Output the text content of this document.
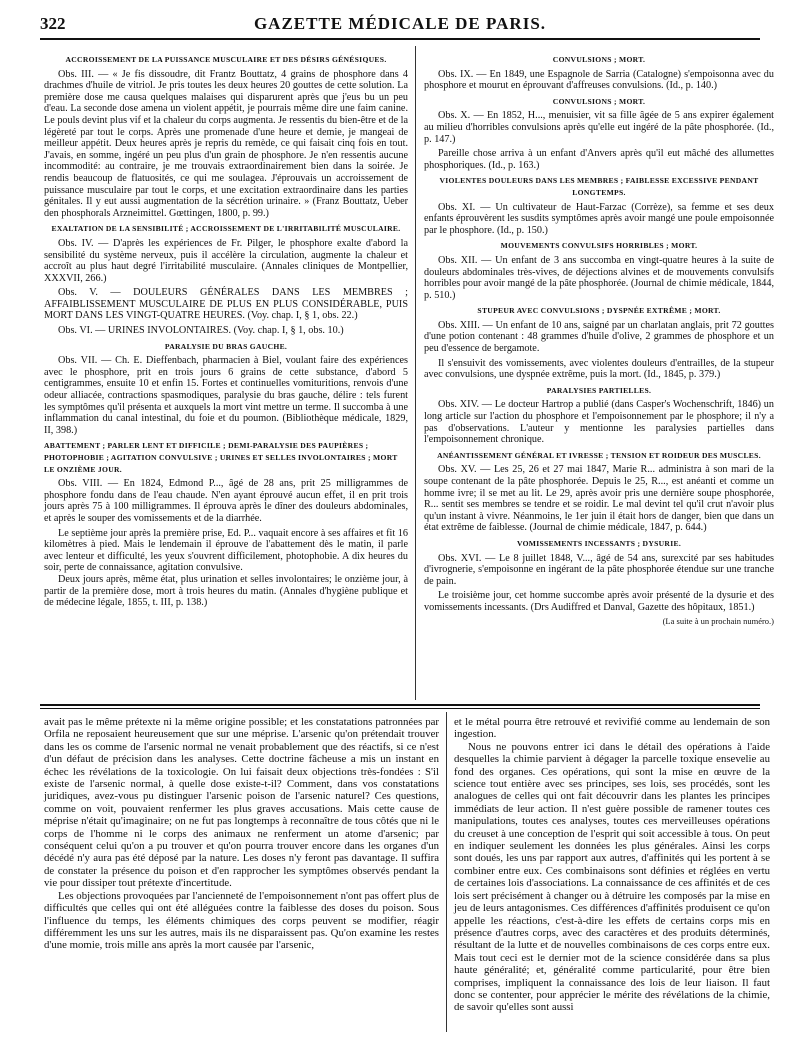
322	GAZETTE MÉDICALE DE PARIS.
ACCROISSEMENT DE LA PUISSANCE MUSCULAIRE ET DES DÉSIRS GÉNÉSIQUES.

Obs. III. — « Je fis dissoudre, dit Frantz Bouttatz, 4 grains de phosphore dans 4 drachmes d'huile de vitriol. Je pris toutes les deux heures 20 gouttes de cette solution. La première dose me causa quelques malaises qui disparurent après que j'eus bu un peu d'eau. La seconde dose amena un violent appétit, je pourrais même dire une faim canine. Le pouls devint plus vif et la chaleur du corps augmenta. Je ressentis du bien-être et de la légèreté par tout le corps. Après une promenade d'une heure et demie, je mangeai de meilleur appétit. Deux heures après je repris du remède, ce qui faisait cinq fois en tout. J'avais, en somme, ingéré un peu plus d'un grain de phosphore. Je n'en ressentis aucune incommodité: au contraire, je me trouvais extraordinairement bien dans la soirée. Je rendis beaucoup de flatuosités, ce qui me soulagea. J'éprouvais un accroissement de puissance musculaire par tout le corps, et une excitation extraordinaire dans les parties génitales. Il y eut aussi augmentation de la sécrétion urinaire. » (Franz Bouttatz, Ueber den phosphorals Arzneimittel. Gœttingen, 1800, p. 99.)

EXALTATION DE LA SENSIBILITÉ ; ACCROISSEMENT DE L'IRRITABILITÉ MUSCULAIRE.

Obs. IV. — D'après les expériences de Fr. Pilger, le phosphore exalte d'abord la sensibilité du système nerveux, puis il accélère la circulation, augmente la chaleur et accroît au plus haut degré l'irritabilité musculaire. (Annales cliniques de Montpellier, XXXVII, 266.)

Obs. V. — DOULEURS GÉNÉRALES DANS LES MEMBRES ; AFFAIBLISSEMENT MUSCULAIRE DE PLUS EN PLUS CONSIDÉRABLE, PUIS MORT DANS LES VINGT-QUATRE HEURES. (Voy. chap. I, § 1, obs. 22.)

Obs. VI. — URINES INVOLONTAIRES. (Voy. chap. I, § 1, obs. 10.)

PARALYSIE DU BRAS GAUCHE.

Obs. VII. — Ch. E. Dieffenbach, pharmacien à Biel, voulant faire des expériences avec le phosphore, prit en trois jours 6 grains de cette substance, d'abord 5 centigrammes, ensuite 10 et enfin 15. Fortes et continuelles vomituritions, renvois d'une odeur alliacée, contractions spasmodiques, paralysie du bras gauche, délire : tels furent les symptômes qu'il présenta et auxquels la mort vint mettre un terme. Il succomba à une inflammation du canal intestinal, du foie et du poumon. (Bibliothèque médicale, 1829, II, 398.)

ABATTEMENT ; PARLER LENT ET DIFFICILE ; DEMI-PARALYSIE DES PAUPIÈRES ; PHOTOPHOBIE ; AGITATION CONVULSIVE ; URINES ET SELLES INVOLONTAIRES ; MORT LE ONZIÈME JOUR.

Obs. VIII. — En 1824, Edmond P..., âgé de 28 ans, prit 25 milligrammes de phosphore fondu dans de l'eau chaude. N'en ayant éprouvé aucun effet, il en prit trois jours après 75 à 100 milligrammes. Il éprouva après le dîner des douleurs abdominales, et après le souper des vomissements et de la diarrhée.

Le septième jour après la première prise, Ed. P... vaquait encore à ses affaires et fit 16 kilomètres à pied. Mais le lendemain il éprouve de l'abattement dès le matin, il parle avec lenteur et difficulté, les yeux s'ouvrent difficilement, photophobie. A dix heures du soir, perte de connaissance, agitation convulsive.

Deux jours après, même état, plus urination et selles involontaires; le onzième jour, à partir de la première dose, mort à trois heures du matin. (Annales d'hygiène publique et de médecine légale, 1855, t. III, p. 138.)

CONVULSIONS ; MORT.

Obs. IX. — En 1849, une Espagnole de Sarria (Catalogne) s'empoisonna avec du phosphore et mourut en éprouvant d'affreuses convulsions. (Id., p. 140.)

CONVULSIONS ; MORT.

Obs. X. — En 1852, H..., menuisier, vit sa fille âgée de 5 ans expirer également au milieu d'horribles convulsions après qu'elle eut ingéré de la pâte phosphorée. (Id., p. 147.)

Pareille chose arriva à un enfant d'Anvers après qu'il eut mâché des allumettes phosphoriques. (Id., p. 163.)

VIOLENTES DOULEURS DANS LES MEMBRES ; FAIBLESSE EXCESSIVE PENDANT LONGTEMPS.

Obs. XI. — Un cultivateur de Haut-Farzac (Corrèze), sa femme et ses deux enfants éprouvèrent les susdits symptômes après avoir mangé une poule empoisonnée par le phosphore. (Id., p. 150.)

MOUVEMENTS CONVULSIFS HORRIBLES ; MORT.

Obs. XII. — Un enfant de 3 ans succomba en vingt-quatre heures à la suite de douleurs abdominales très-vives, de déjections alvines et de mouvements convulsifs horribles pour avoir mangé de la pâte phosphorée. (Journal de chimie médicale, 1844, p. 510.)

STUPEUR AVEC CONVULSIONS ; DYSPNÉE EXTRÊME ; MORT.

Obs. XIII. — Un enfant de 10 ans, saigné par un charlatan anglais, prit 72 gouttes d'une potion contenant : 48 grammes d'huile d'olive, 2 grammes de phosphore et un peu d'essence de bergamote.

Il s'ensuivit des vomissements, avec violentes douleurs d'entrailles, de la stupeur avec convulsions, une dyspnée extrême, puis la mort. (Id., 1845, p. 379.)

PARALYSIES PARTIELLES.

Obs. XIV. — Le docteur Hartrop a publié (dans Casper's Wochenschrift, 1846) un long article sur l'action du phosphore et l'empoisonnement par le phosphore; il n'y a pas d'observations. L'auteur y mentionne les paralysies partielles dans l'empoisonnement chronique.

ANÉANTISSEMENT GÉNÉRAL ET IVRESSE ; TENSION ET ROIDEUR DES MUSCLES.

Obs. XV. — Les 25, 26 et 27 mai 1847, Marie R... administra à son mari de la soupe contenant de la pâte phosphorée. Depuis le 25, R..., est anéanti et comme un homme ivre; il se met au lit. Le 29, après avoir pris une dernière soupe phosphorée, R... sentit ses membres se tendre et se roidir. Le mal devint tel qu'il crut n'avoir plus qu'un instant à vivre. Néanmoins, le 1er juin il était hors de danger, bien que dans un état extrême de faiblesse. (Journal de chimie médicale, 1847, p. 644.)

VOMISSEMENTS INCESSANTS ; DYSURIE.

Obs. XVI. — Le 8 juillet 1848, V..., âgé de 54 ans, surexcité par ses habitudes d'ivrognerie, s'empoisonne en ingérant de la pâte phosphorée étendue sur une tranche de pain.

Le troisième jour, cet homme succombe après avoir présenté de la dysurie et des vomissements incessants. (Drs Audiffred et Danval, Gazette des hôpitaux, 1851.)

(La suite à un prochain numéro.)

avait pas le même prétexte ni la même origine possible; et les constatations patronnées par Orfila ne reposaient heureusement que sur une méprise. L'arsenic qu'on prétendait trouver dans les os comme de l'arsenic normal ne venait probablement que des réactifs, si ce n'est d'un défaut de précision dans les analyses. Cette doctrine fâcheuse a mis un instant en échec les révélations de la toxicologie. On lui faisait deux objections très-fondées : S'il existe de l'arsenic normal, à quelle dose existe-t-il? Comment, dans vos constatations juridiques, avez-vous pu distinguer l'arsenic poison de l'arsenic naturel? Ces questions, comme on voit, pouvaient renfermer les plus graves accusations. Mais cette cause de méprise n'était qu'imaginaire; on ne fut pas longtemps à reconnaître de tous côtés que ni le corps de l'homme ni le corps des animaux ne renferment un atome d'arsenic; par conséquent celui qu'on a pu trouver et qu'on pourra trouver encore dans les organes d'un décédé n'y aura pas été déposé par la nature. Les doses n'y feront pas davantage. Il suffira de constater la présence du poison et d'en rapprocher les symptômes observés pendant la vie pour dissiper tout prétexte d'incertitude.

Les objections provoquées par l'ancienneté de l'empoisonnement n'ont pas offert plus de difficultés que celles qui ont été alléguées contre la faiblesse des doses du poison. Sous l'influence du temps, les éléments chimiques des corps peuvent se modifier, réagir différemment les uns sur les autres, mais ils ne disparaissent pas. Qu'on examine les restes d'une momie, trois mille ans après la mort causée par l'arsenic,

et le métal pourra être retrouvé et revivifié comme au lendemain de son ingestion.

Nous ne pouvons entrer ici dans le détail des opérations à l'aide desquelles la chimie parvient à dégager la parcelle toxique ensevelie au fond des organes. Ces opérations, qui sont la mise en œuvre de la science tout entière avec ses principes, ses lois, ses procédés, sont les analogues de celles qui ont fait découvrir dans les plantes les principes immédiats de leur action. Il n'est guère possible de ramener toutes ces manipulations, toutes ces analyses, toutes ces merveilleuses opérations du creuset à une conception de l'esprit qui soit accessible à tous. On peut en indiquer seulement les données les plus générales. Ainsi les corps sont doués, les uns par rapport aux autres, d'affinités qui les portent à se combiner entre eux. Ces combinaisons sont définies et réglées en vertu de certaines lois d'associations. La connaissance de ces affinités et de ces lois sert précisément à changer ou à détruire les composés par la mise en jeu de leurs antagonismes. Ces différences d'affinités produisent ce qu'on appelle les réactions, c'est-à-dire les effets de certains corps mis en présence d'autres corps, avec des caractères et des produits déterminés, résultant de la lutte et de nouvelles combinaisons de ces corps entre eux. Mais tout ceci est le dernier mot de la science considérée dans sa plus haute généralité; et, généralité comme particularité, pour être bien comprises, impliquent la connaissance des lois de leur liaison. Il faut donc se contenter, pour apprécier le mérite des révélations de la chimie, de savoir qu'elles sont aussi
